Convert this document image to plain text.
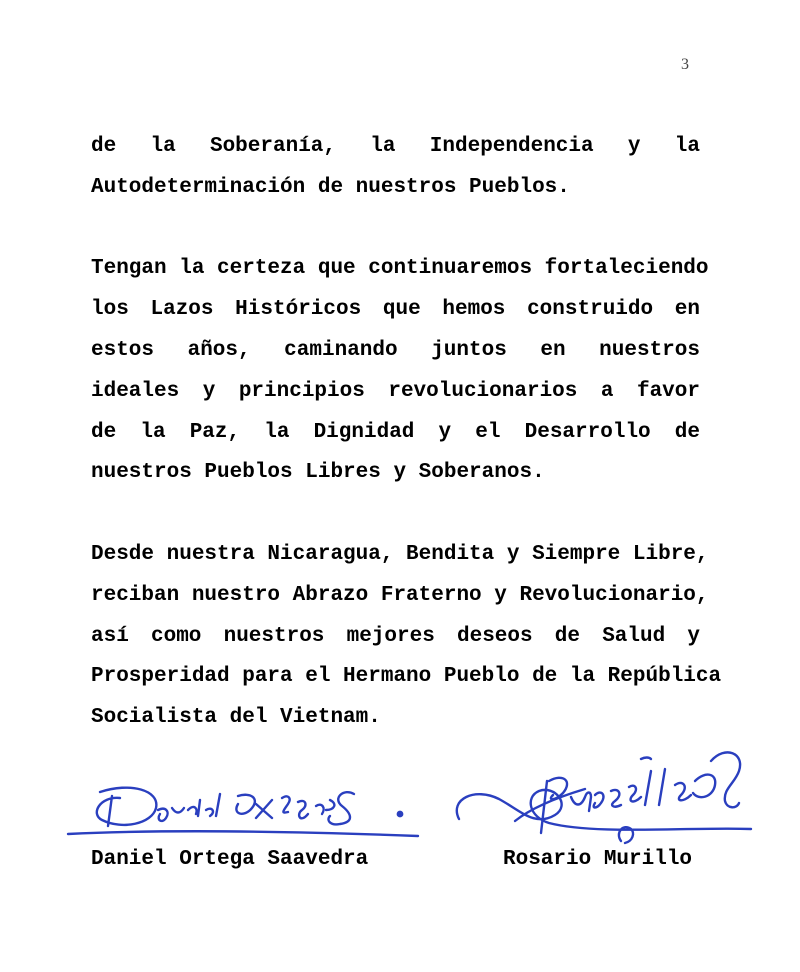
3
de la Soberanía, la Independencia y la
Autodeterminación de nuestros Pueblos.
Tengan la certeza que continuaremos fortaleciendo
los Lazos Históricos que hemos construido en
estos años, caminando juntos en nuestros
ideales y principios revolucionarios a favor
de la Paz, la Dignidad y el Desarrollo de
nuestros Pueblos Libres y Soberanos.
Desde nuestra Nicaragua, Bendita y Siempre Libre,
reciban nuestro Abrazo Fraterno y Revolucionario,
así como nuestros mejores deseos de Salud y
Prosperidad para el Hermano Pueblo de la República
Socialista del Vietnam.
Daniel Ortega Saavedra	Rosario Murillo
